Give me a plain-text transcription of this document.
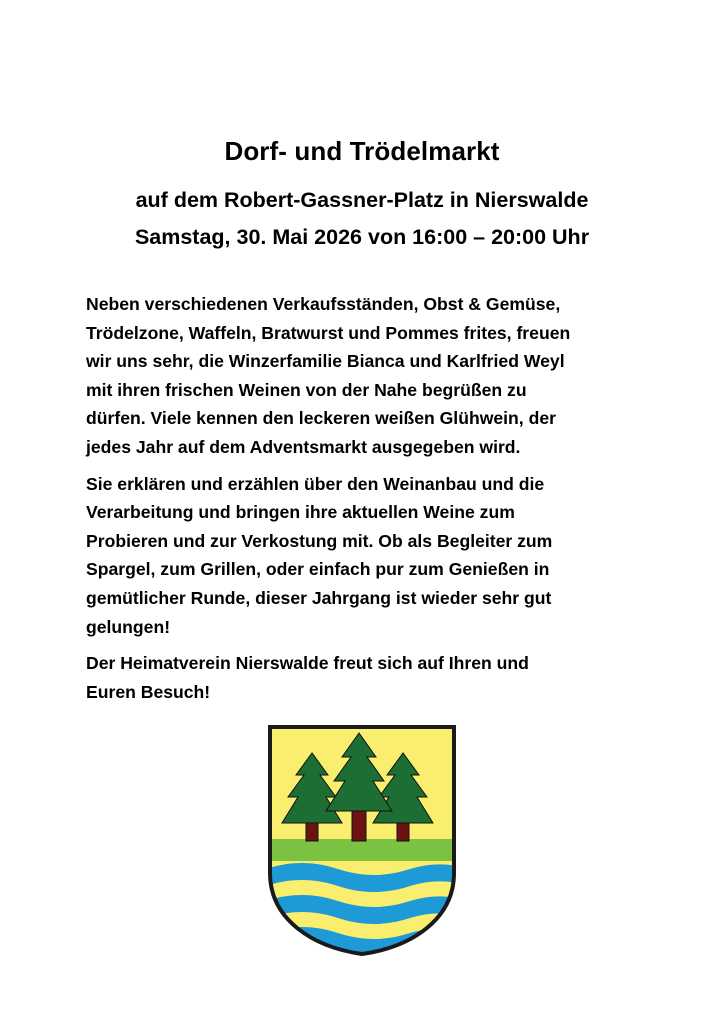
Dorf- und Trödelmarkt
auf dem Robert-Gassner-Platz in Nierswalde
Samstag, 30. Mai 2026 von 16:00 – 20:00 Uhr

Neben verschiedenen Verkaufsständen, Obst & Gemüse,
Trödelzone, Waffeln, Bratwurst und Pommes frites, freuen
wir uns sehr, die Winzerfamilie Bianca und Karlfried Weyl
mit ihren frischen Weinen von der Nahe begrüßen zu
dürfen. Viele kennen den leckeren weißen Glühwein, der
jedes Jahr auf dem Adventsmarkt ausgegeben wird.

Sie erklären und erzählen über den Weinanbau und die
Verarbeitung und bringen ihre aktuellen Weine zum
Probieren und zur Verkostung mit. Ob als Begleiter zum
Spargel, zum Grillen, oder einfach pur zum Genießen in
gemütlicher Runde, dieser Jahrgang ist wieder sehr gut
gelungen!

Der Heimatverein Nierswalde freut sich auf Ihren und
Euren Besuch!
